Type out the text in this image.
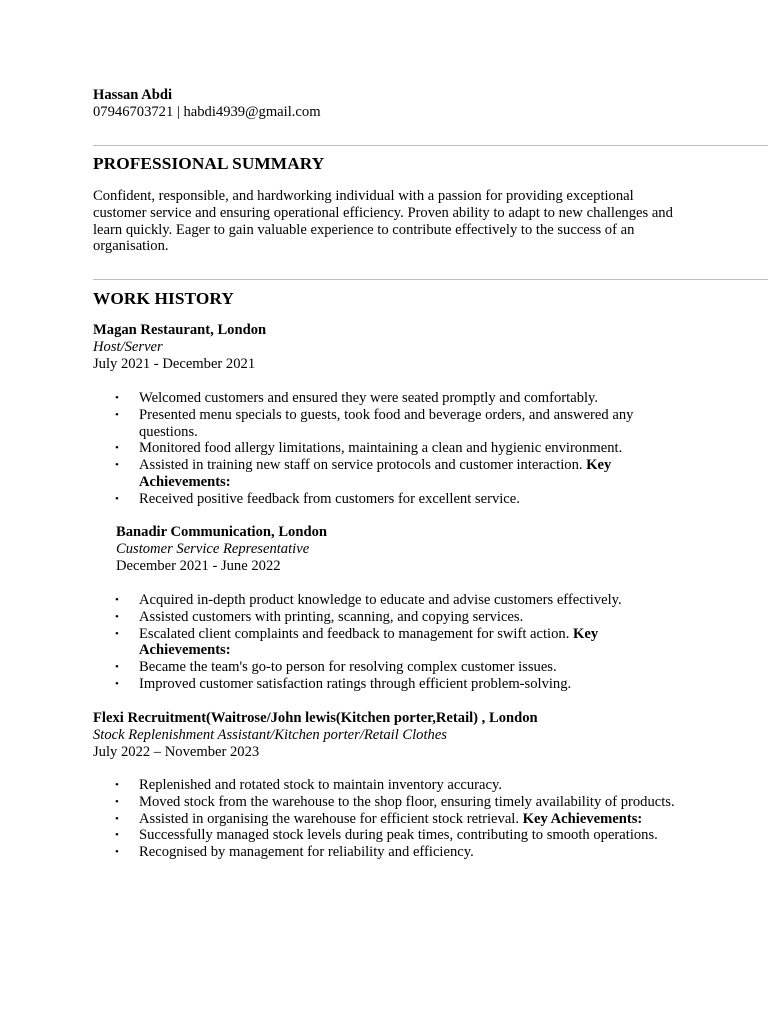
Hassan Abdi
07946703721 | habdi4939@gmail.com
PROFESSIONAL SUMMARY
Confident, responsible, and hardworking individual with a passion for providing exceptional customer service and ensuring operational efficiency. Proven ability to adapt to new challenges and learn quickly. Eager to gain valuable experience to contribute effectively to the success of an organisation.
WORK HISTORY
Magan Restaurant, London
Host/Server
July 2021 - December 2021
• Welcomed customers and ensured they were seated promptly and comfortably.
• Presented menu specials to guests, took food and beverage orders, and answered any questions.
• Monitored food allergy limitations, maintaining a clean and hygienic environment.
• Assisted in training new staff on service protocols and customer interaction. Key Achievements:
• Received positive feedback from customers for excellent service.
Banadir Communication, London
Customer Service Representative
December 2021 - June 2022
• Acquired in-depth product knowledge to educate and advise customers effectively.
• Assisted customers with printing, scanning, and copying services.
• Escalated client complaints and feedback to management for swift action. Key Achievements:
• Became the team's go-to person for resolving complex customer issues.
• Improved customer satisfaction ratings through efficient problem-solving.
Flexi Recruitment(Waitrose/John lewis(Kitchen porter,Retail) , London
Stock Replenishment Assistant/Kitchen porter/Retail Clothes
July 2022 – November 2023
• Replenished and rotated stock to maintain inventory accuracy.
• Moved stock from the warehouse to the shop floor, ensuring timely availability of products.
• Assisted in organising the warehouse for efficient stock retrieval. Key Achievements:
• Successfully managed stock levels during peak times, contributing to smooth operations.
• Recognised by management for reliability and efficiency.
